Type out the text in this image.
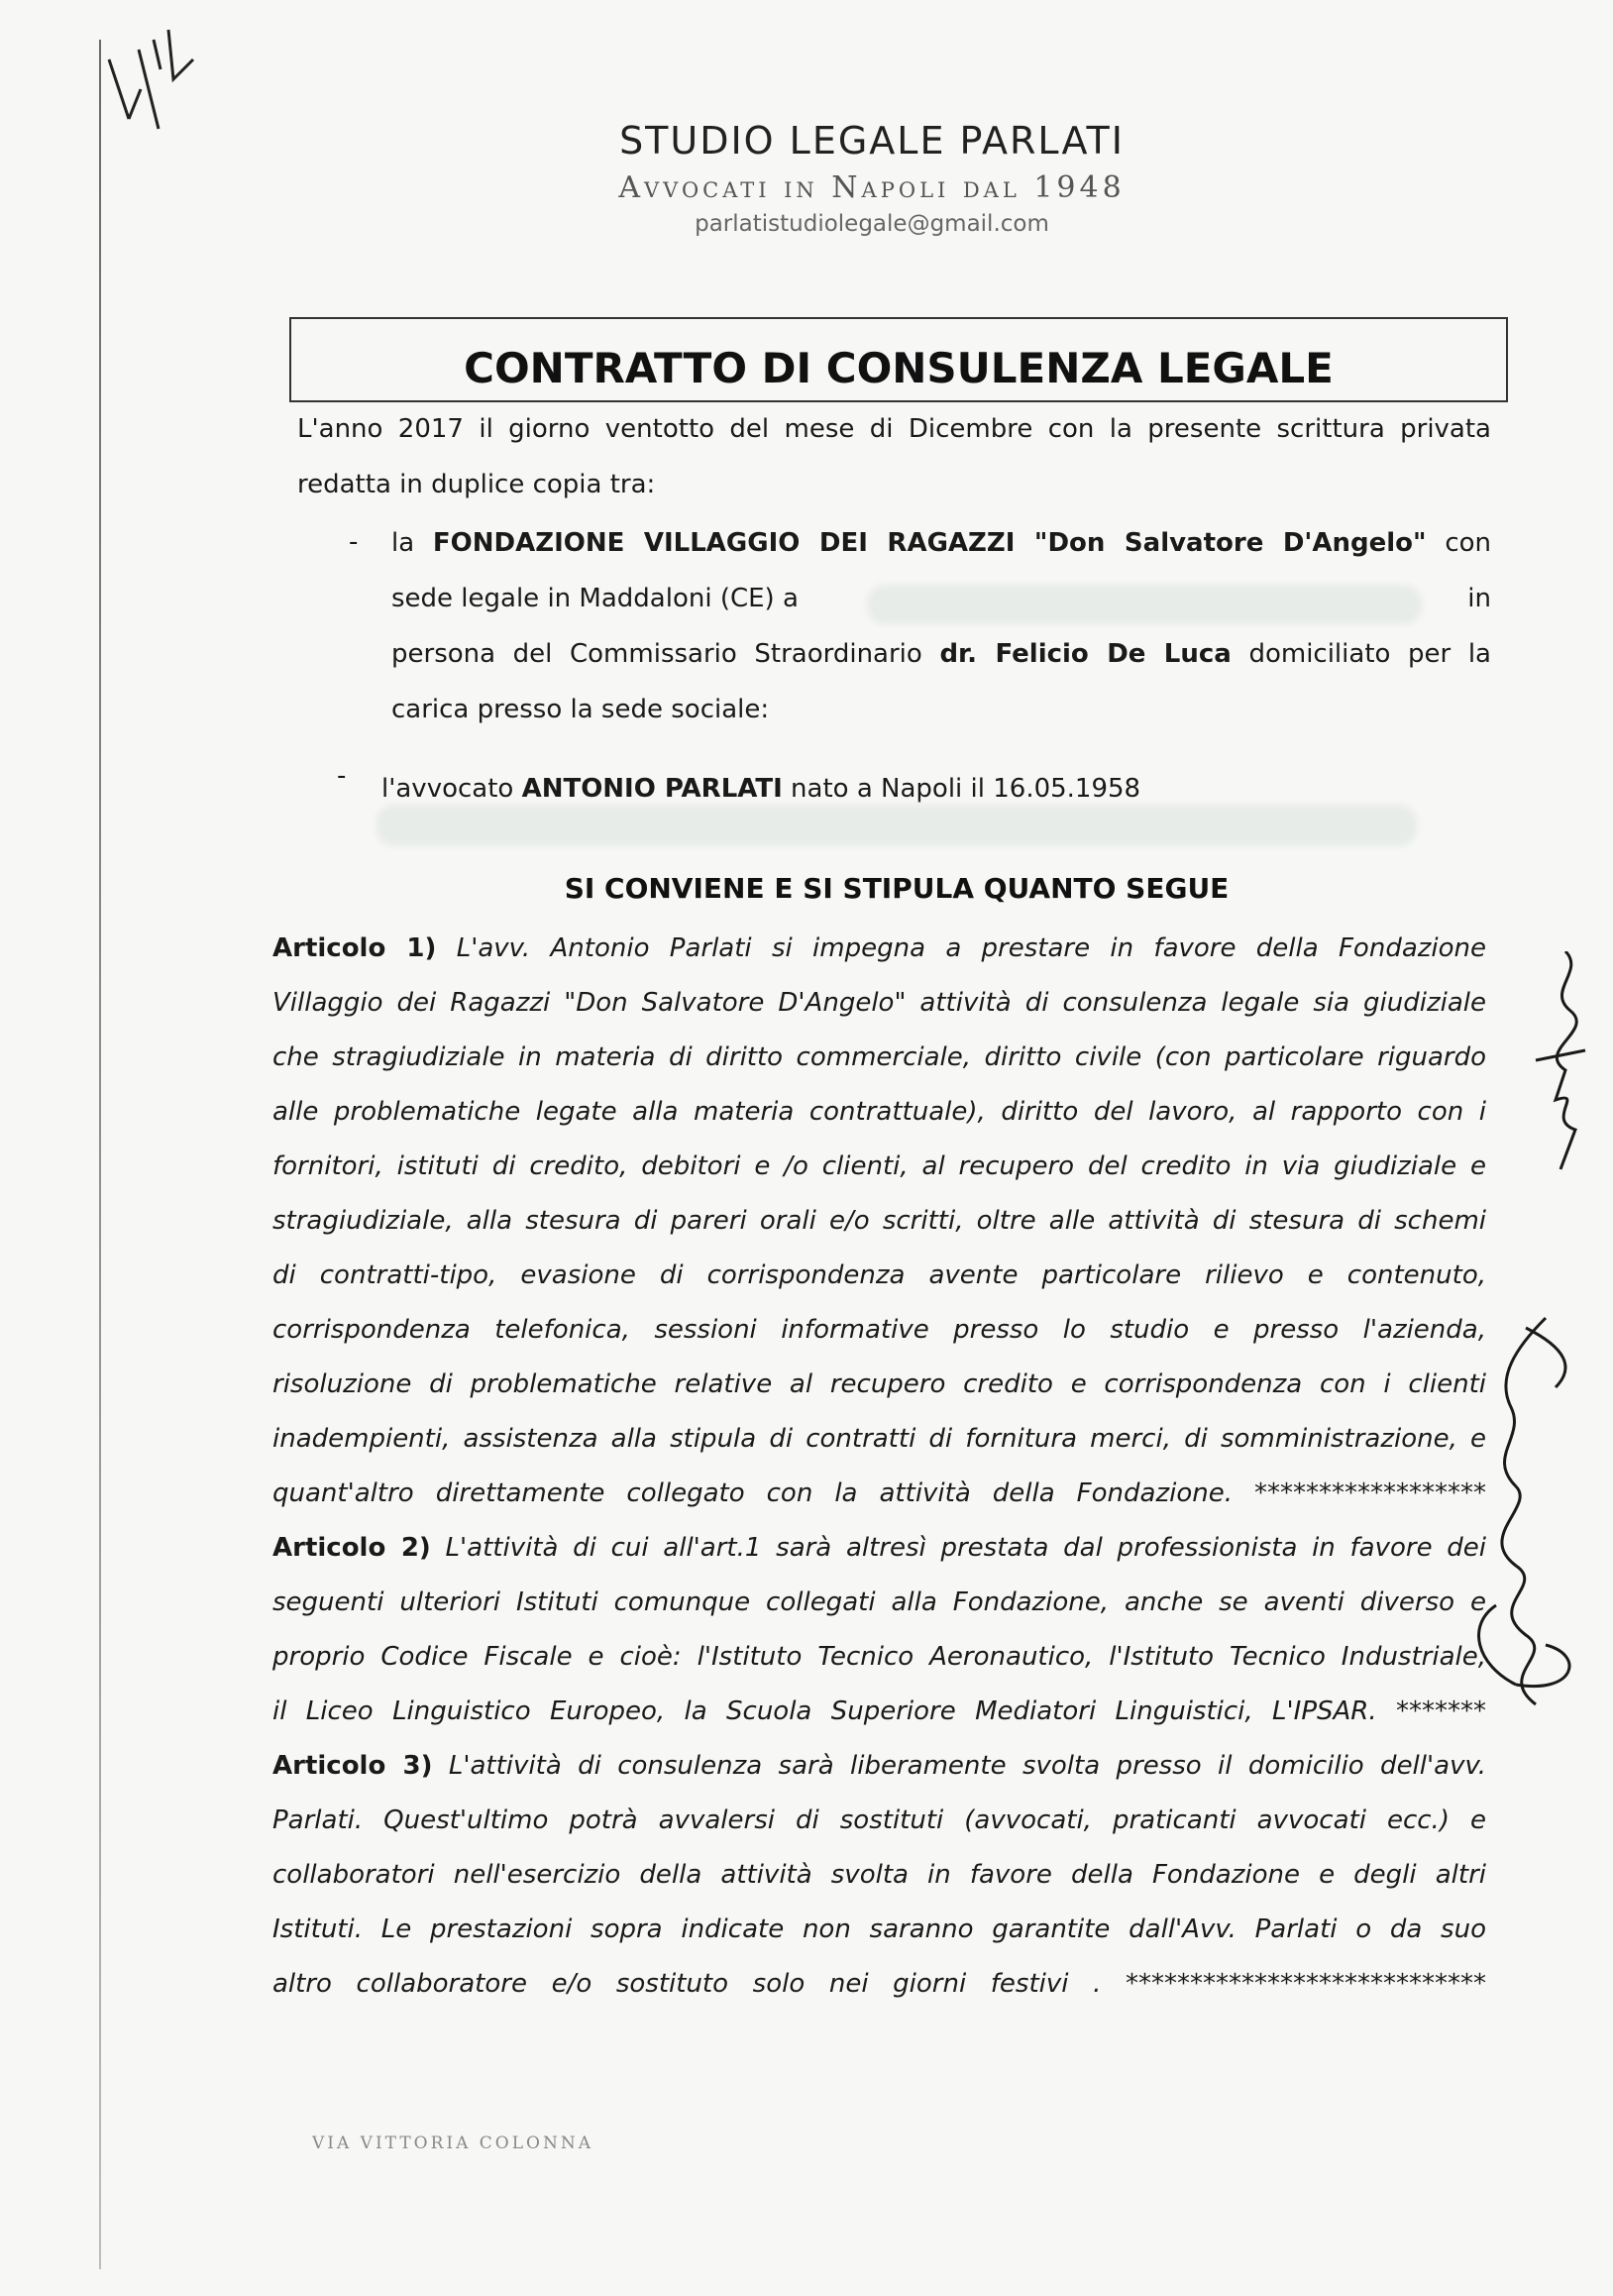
STUDIO LEGALE PARLATI
Avvocati in Napoli dal 1948
parlatistudiolegale@gmail.com
CONTRATTO DI CONSULENZA LEGALE
L'anno 2017 il giorno ventotto del mese di Dicembre con la presente scrittura privata
redatta in duplice copia tra:
- la FONDAZIONE VILLAGGIO DEI RAGAZZI "Don Salvatore D'Angelo" con
sede legale in Maddaloni (CE) a	in
persona del Commissario Straordinario dr. Felicio De Luca domiciliato per la
carica presso la sede sociale:
- l'avvocato ANTONIO PARLATI nato a Napoli il 16.05.1958
SI CONVIENE E SI STIPULA QUANTO SEGUE
Articolo 1) L'avv. Antonio Parlati si impegna a prestare in favore della Fondazione
Villaggio dei Ragazzi "Don Salvatore D'Angelo" attività di consulenza legale sia giudiziale
che stragiudiziale in materia di diritto commerciale, diritto civile (con particolare riguardo
alle problematiche legate alla materia contrattuale), diritto del lavoro, al rapporto con i
fornitori, istituti di credito, debitori e /o clienti, al recupero del credito in via giudiziale e
stragiudiziale, alla stesura di pareri orali e/o scritti, oltre alle attività di stesura di schemi
di contratti-tipo, evasione di corrispondenza avente particolare rilievo e contenuto,
corrispondenza telefonica, sessioni informative presso lo studio e presso l'azienda,
risoluzione di problematiche relative al recupero credito e corrispondenza con i clienti
inadempienti, assistenza alla stipula di contratti di fornitura merci, di somministrazione, e
quant'altro direttamente collegato con la attività della Fondazione. ******************
Articolo 2) L'attività di cui all'art.1 sarà altresì prestata dal professionista in favore dei
seguenti ulteriori Istituti comunque collegati alla Fondazione, anche se aventi diverso e
proprio Codice Fiscale e cioè: l'Istituto Tecnico Aeronautico, l'Istituto Tecnico Industriale,
il Liceo Linguistico Europeo, la Scuola Superiore Mediatori Linguistici, L'IPSAR. *******
Articolo 3) L'attività di consulenza sarà liberamente svolta presso il domicilio dell'avv.
Parlati. Quest'ultimo potrà avvalersi di sostituti (avvocati, praticanti avvocati ecc.) e
collaboratori nell'esercizio della attività svolta in favore della Fondazione e degli altri
Istituti. Le prestazioni sopra indicate non saranno garantite dall'Avv. Parlati o da suo
altro collaboratore e/o sostituto solo nei giorni festivi . ****************************
VIA VITTORIA COLONNA
